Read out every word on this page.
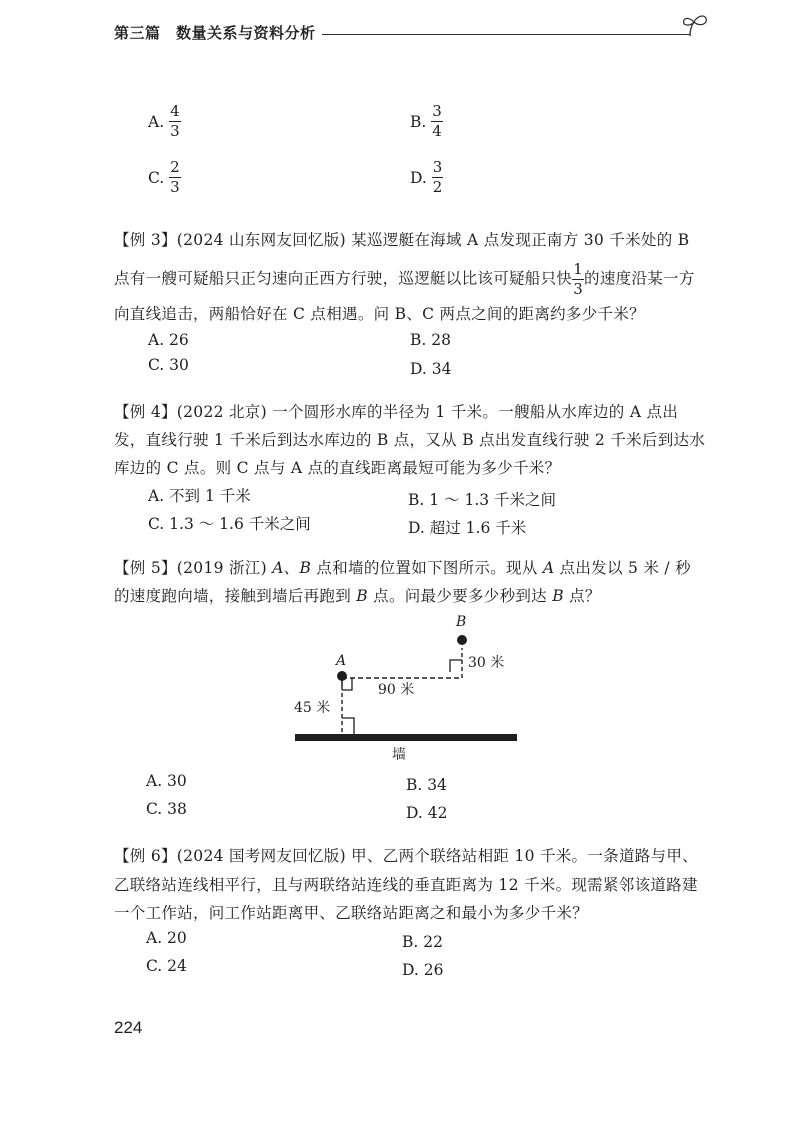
第三篇　数量关系与资料分析
A. $\frac{4}{3}$	B. $\frac{3}{4}$
C. $\frac{2}{3}$	D. $\frac{3}{2}$
【例 3】(2024 山东网友回忆版) 某巡逻艇在海域 A 点发现正南方 30 千米处的 B
点有一艘可疑船只正匀速向正西方行驶，巡逻艇以比该可疑船只快 $\frac{1}{3}$ 的速度沿某一方
向直线追击，两船恰好在 C 点相遇。问 B、C 两点之间的距离约多少千米？
A. 26	B. 28
C. 30	D. 34
【例 4】(2022 北京) 一个圆形水库的半径为 1 千米。一艘船从水库边的 A 点出
发，直线行驶 1 千米后到达水库边的 B 点，又从 B 点出发直线行驶 2 千米后到达水
库边的 C 点。则 C 点与 A 点的直线距离最短可能为多少千米？
A. 不到 1 千米	B. 1 ～ 1.3 千米之间
C. 1.3 ～ 1.6 千米之间	D. 超过 1.6 千米
【例 5】(2019 浙江) A、B 点和墙的位置如下图所示。现从 A 点出发以 5 米 / 秒
的速度跑向墙，接触到墙后再跑到 B 点。问最少要多少秒到达 B 点？
墙
A
45 米
90 米
B
30 米
A. 30	B. 34
C. 38	D. 42
【例 6】(2024 国考网友回忆版) 甲、乙两个联络站相距 10 千米。一条道路与甲、
乙联络站连线相平行，且与两联络站连线的垂直距离为 12 千米。现需紧邻该道路建
一个工作站，问工作站距离甲、乙联络站距离之和最小为多少千米？
A. 20	B. 22
C. 24	D. 26
224
